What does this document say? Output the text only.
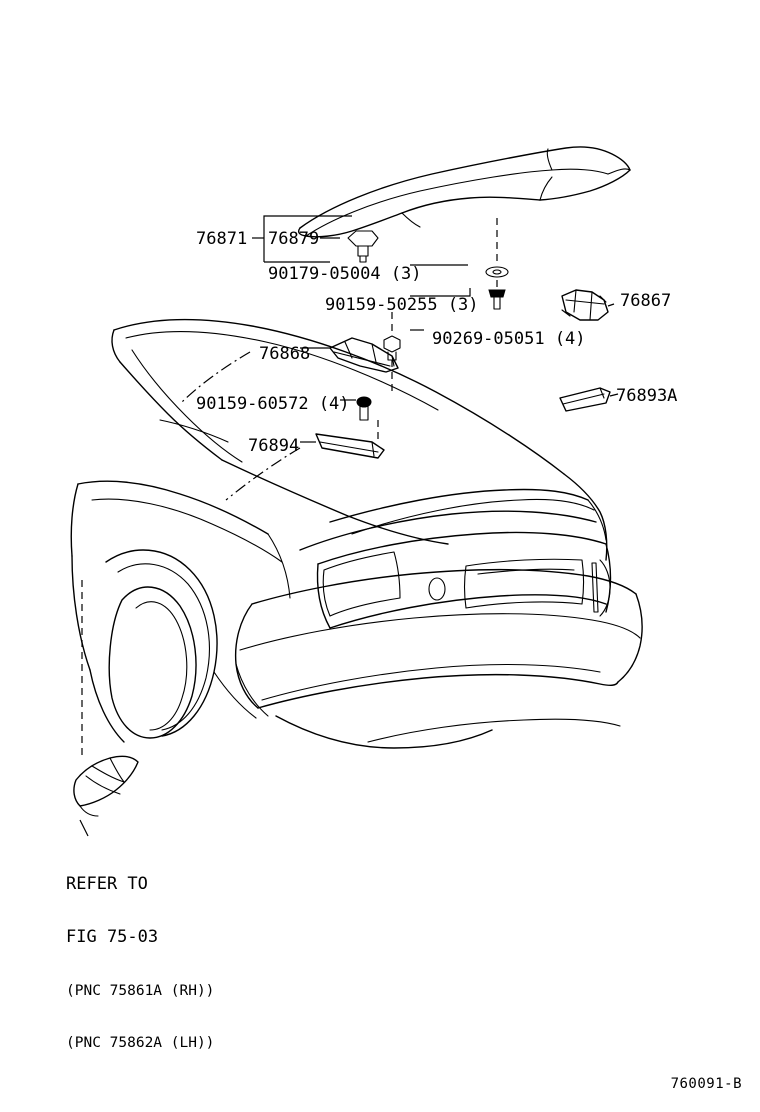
76871 76879
90179-05004 (3)
90159-50255 (3)	76867
90269-05051 (4)
76868
76893A
90159-60572 (4)
76894

REFER TO

FIG 75-03

(PNC 75861A (RH))

(PNC 75862A (LH))

760091-B
